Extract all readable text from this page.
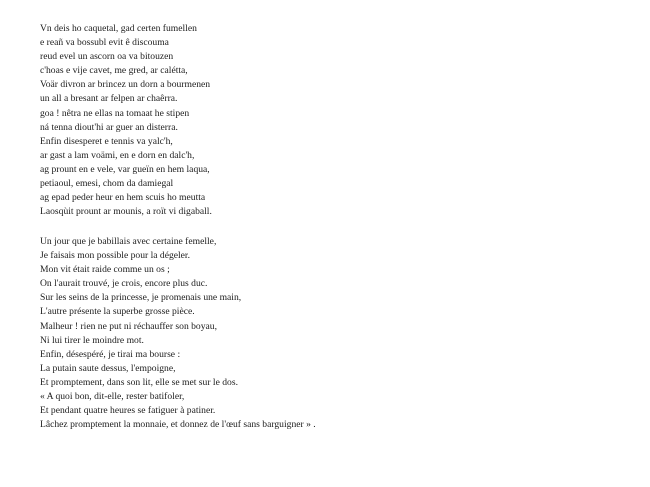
Vn deis ho caquetal, gad certen fumellen
e reañ va bossubl evit ê discouma
reud evel un ascorn oa va bitouzen
c'hoas e vije cavet, me gred, ar calétta,
Voär divron ar brincez un dorn a bourmenen
un all a bresant ar felpen ar chaêrra.
goa ! nêtra ne ellas na tomaat he stipen
ná tenna diout'hi ar guer an disterra.
Enfin disesperet e tennis va yalc'h,
ar gast a lam voämi, en e dorn en dalc'h,
ag prount en e vele, var gueïn en hem laqua,
petiaoul, emesi, chom da damiegal
ag epad peder heur en hem scuis ho meutta
Laosqùit prount ar mounis, a roït vi digaball.
Un jour que je babillais avec certaine femelle,
Je faisais mon possible pour la dégeler.
Mon vit était raide comme un os ;
On l'aurait trouvé, je crois, encore plus duc.
Sur les seins de la princesse, je promenais une main,
L'autre présente la superbe grosse pièce.
Malheur ! rien ne put ni réchauffer son boyau,
Ni lui tirer le moindre mot.
Enfin, désespéré, je tirai ma bourse :
La putain saute dessus, l'empoigne,
Et promptement, dans son lit, elle se met sur le dos.
« A quoi bon, dit-elle, rester batifoler,
Et pendant quatre heures se fatiguer à patiner.
Lâchez promptement la monnaie, et donnez de l'œuf sans barguigner » .
